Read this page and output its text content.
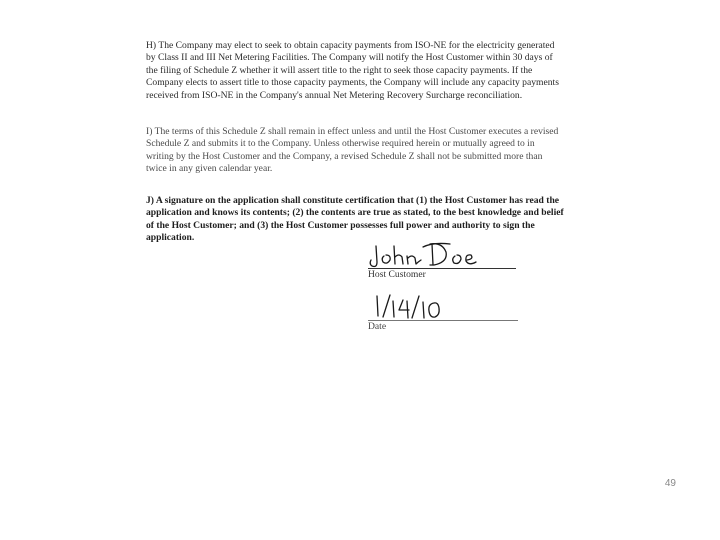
H) The Company may elect to seek to obtain capacity payments from ISO-NE for the electricity generated by Class II and III Net Metering Facilities. The Company will notify the Host Customer within 30 days of the filing of Schedule Z whether it will assert title to the right to seek those capacity payments. If the Company elects to assert title to those capacity payments, the Company will include any capacity payments received from ISO-NE in the Company's annual Net Metering Recovery Surcharge reconciliation.

I) The terms of this Schedule Z shall remain in effect unless and until the Host Customer executes a revised Schedule Z and submits it to the Company. Unless otherwise required herein or mutually agreed to in writing by the Host Customer and the Company, a revised Schedule Z shall not be submitted more than twice in any given calendar year.

J) A signature on the application shall constitute certification that (1) the Host Customer has read the application and knows its contents; (2) the contents are true as stated, to the best knowledge and belief of the Host Customer; and (3) the Host Customer possesses full power and authority to sign the application.

Host Customer
Date
49
